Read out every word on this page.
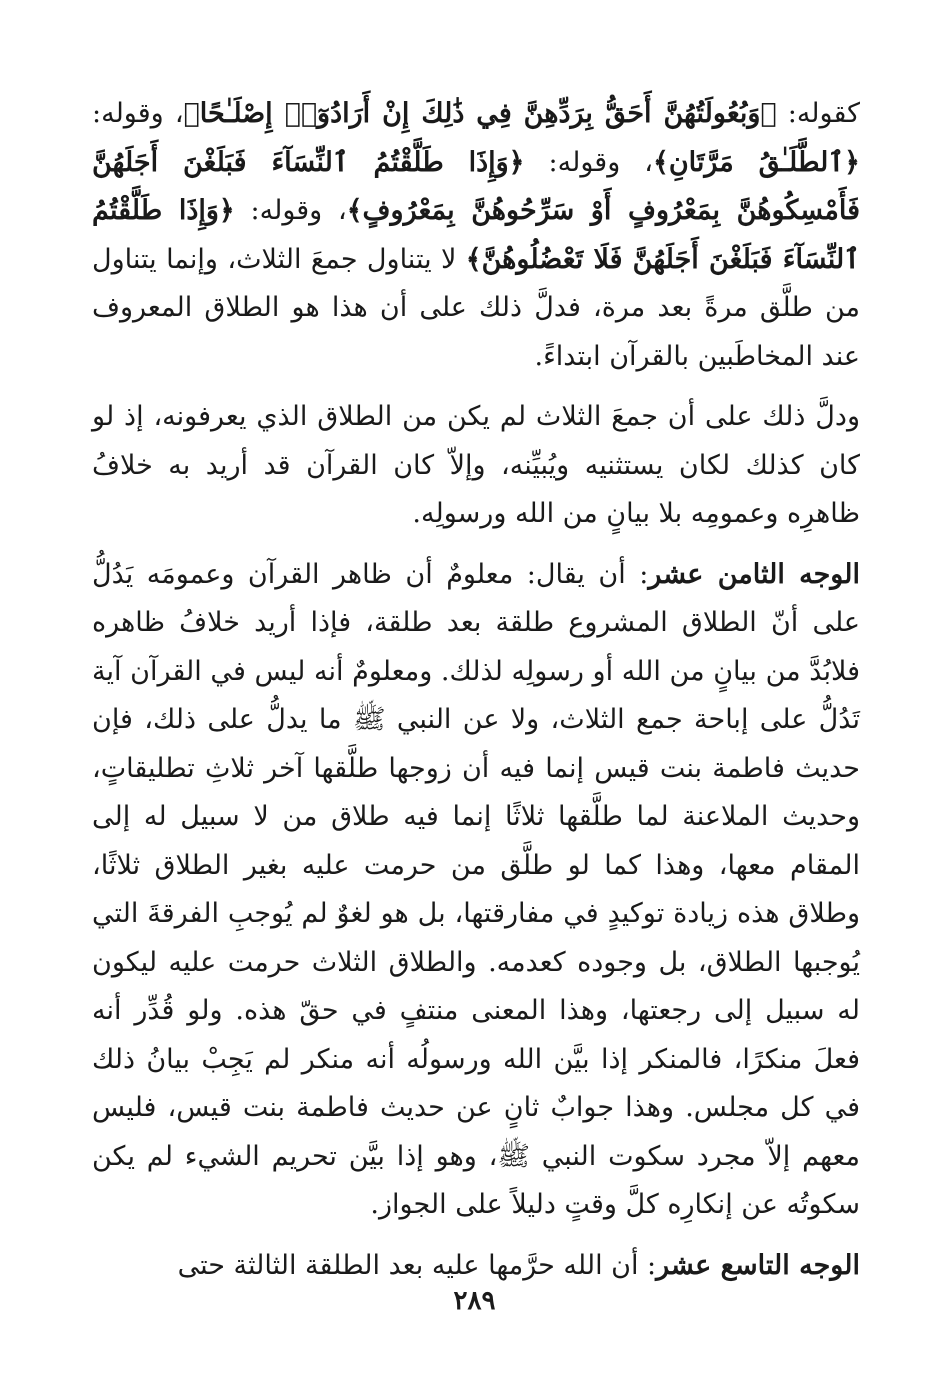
كقوله: ﴿وَبُعُولَتُهُنَّ أَحَقُّ بِرَدِّهِنَّ فِي ذَٰلِكَ إِنْ أَرَادُوٓا۟ إِصْلَـٰحًا﴾، وقوله: ﴿ٱلطَّلَـٰقُ مَرَّتَانِ﴾، وقوله: ﴿وَإِذَا طَلَّقْتُمُ ٱلنِّسَآءَ فَبَلَغْنَ أَجَلَهُنَّ فَأَمْسِكُوهُنَّ بِمَعْرُوفٍ أَوْ سَرِّحُوهُنَّ بِمَعْرُوفٍ﴾، وقوله: ﴿وَإِذَا طَلَّقْتُمُ ٱلنِّسَآءَ فَبَلَغْنَ أَجَلَهُنَّ فَلَا تَعْضُلُوهُنَّ﴾ لا يتناول جمعَ الثلاث، وإنما يتناول من طلَّق مرةً بعد مرة، فدلَّ ذلك على أن هذا هو الطلاق المعروف عند المخاطَبين بالقرآن ابتداءً.

ودلَّ ذلك على أن جمعَ الثلاث لم يكن من الطلاق الذي يعرفونه، إذ لو كان كذلك لكان يستثنيه ويُبيِّنه، وإلاّ كان القرآن قد أريد به خلافُ ظاهرِه وعمومِه بلا بيانٍ من الله ورسولِه.

الوجه الثامن عشر: أن يقال: معلومٌ أن ظاهر القرآن وعمومَه يَدُلُّ على أنّ الطلاق المشروع طلقة بعد طلقة، فإذا أريد خلافُ ظاهره فلابُدَّ من بيانٍ من الله أو رسولِه لذلك. ومعلومٌ أنه ليس في القرآن آية تَدُلُّ على إباحة جمع الثلاث، ولا عن النبي ﷺ ما يدلُّ على ذلك، فإن حديث فاطمة بنت قيس إنما فيه أن زوجها طلَّقها آخر ثلاثِ تطليقاتٍ، وحديث الملاعنة لما طلَّقها ثلاثًا إنما فيه طلاق من لا سبيل له إلى المقام معها، وهذا كما لو طلَّق من حرمت عليه بغير الطلاق ثلاثًا، وطلاق هذه زيادة توكيدٍ في مفارقتها، بل هو لغوٌ لم يُوجبِ الفرقةَ التي يُوجبها الطلاق، بل وجوده كعدمه. والطلاق الثلاث حرمت عليه ليكون له سبيل إلى رجعتها، وهذا المعنى منتفٍ في حقّ هذه. ولو قُدِّر أنه فعلَ منكرًا، فالمنكر إذا بيَّن الله ورسولُه أنه منكر لم يَجِبْ بيانُ ذلك في كل مجلس. وهذا جوابٌ ثانٍ عن حديث فاطمة بنت قيس، فليس معهم إلاّ مجرد سكوت النبي ﷺ، وهو إذا بيَّن تحريم الشيء لم يكن سكوتُه عن إنكارِه كلَّ وقتٍ دليلاً على الجواز.

الوجه التاسع عشر: أن الله حرَّمها عليه بعد الطلقة الثالثة حتى

٢٨٩
